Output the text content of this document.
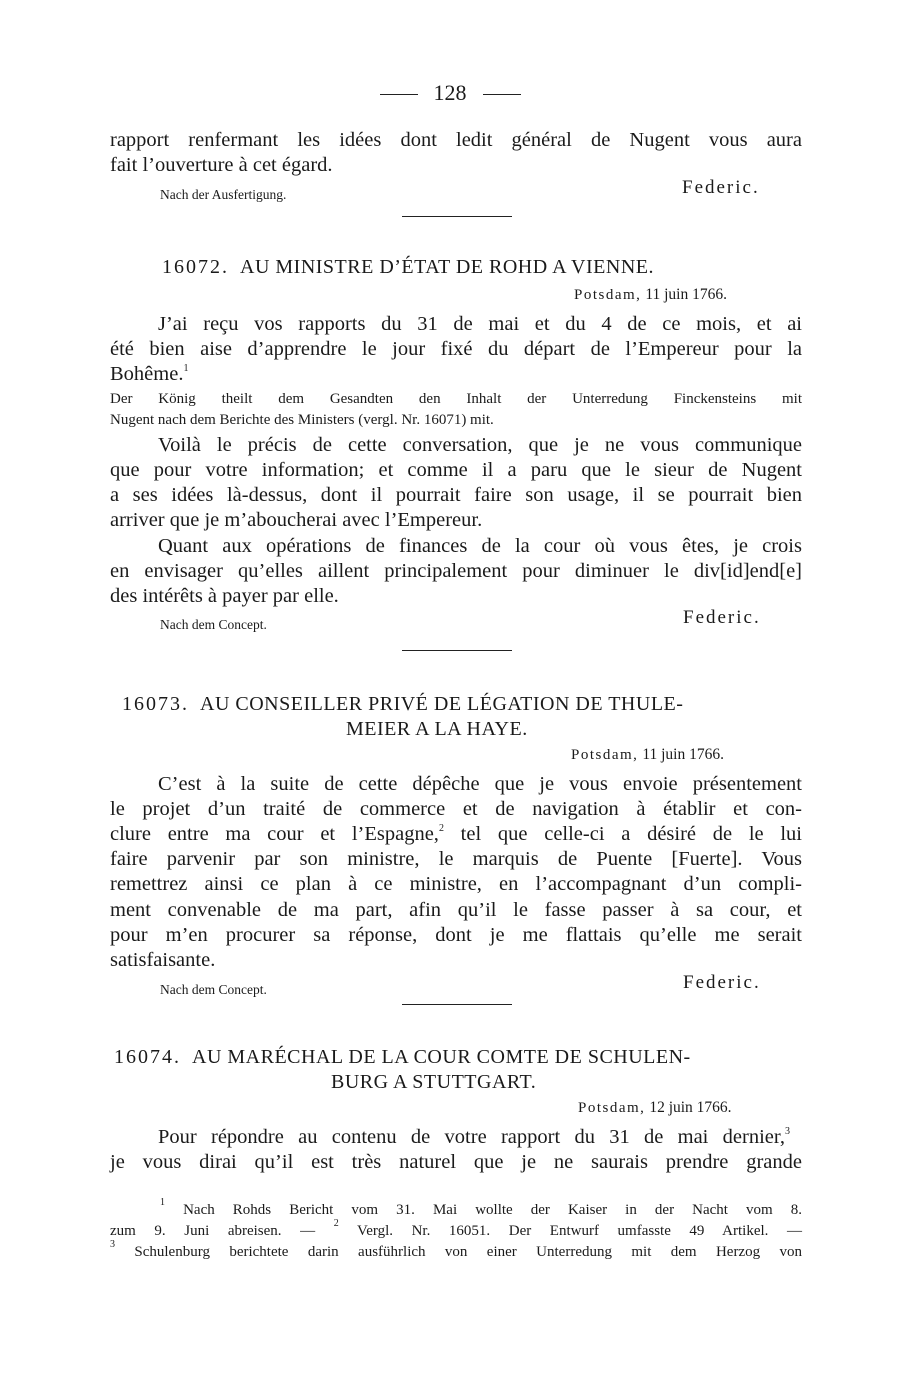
128
rapport renfermant les idées dont ledit général de Nugent vous aura
fait l’ouverture à cet égard.
Nach der Ausfertigung.	Federic.
16072. AU MINISTRE D’ÉTAT DE ROHD A VIENNE.
Potsdam, 11 juin 1766.
J’ai reçu vos rapports du 31 de mai et du 4 de ce mois, et ai
été bien aise d’apprendre le jour fixé du départ de l’Empereur pour la
Bohême.$^1$
Der König theilt dem Gesandten den Inhalt der Unterredung Finckensteins mit
Nugent nach dem Berichte des Ministers (vergl. Nr. 16071) mit.
Voilà le précis de cette conversation, que je ne vous communique
que pour votre information; et comme il a paru que le sieur de Nugent
a ses idées là-dessus, dont il pourrait faire son usage, il se pourrait bien
arriver que je m’aboucherai avec l’Empereur.
Quant aux opérations de finances de la cour où vous êtes, je crois
en envisager qu’elles aillent principalement pour diminuer le div[id]end[e]
des intérêts à payer par elle.
Nach dem Concept.	Federic.
16073. AU CONSEILLER PRIVÉ DE LÉGATION DE THULE-
MEIER A LA HAYE.
Potsdam, 11 juin 1766.
C’est à la suite de cette dépêche que je vous envoie présentement
le projet d’un traité de commerce et de navigation à établir et con-
clure entre ma cour et l’Espagne,$^2$ tel que celle-ci a désiré de le lui
faire parvenir par son ministre, le marquis de Puente [Fuerte]. Vous
remettrez ainsi ce plan à ce ministre, en l’accompagnant d’un compli-
ment convenable de ma part, afin qu’il le fasse passer à sa cour, et
pour m’en procurer sa réponse, dont je me flattais qu’elle me serait
satisfaisante.
Nach dem Concept.	Federic.
16074. AU MARÉCHAL DE LA COUR COMTE DE SCHULEN-
BURG A STUTTGART.
Potsdam, 12 juin 1766.
Pour répondre au contenu de votre rapport du 31 de mai dernier,$^3$
je vous dirai qu’il est très naturel que je ne saurais prendre grande
$^1$ Nach Rohds Bericht vom 31. Mai wollte der Kaiser in der Nacht vom 8.
zum 9. Juni abreisen. — $^2$ Vergl. Nr. 16051. Der Entwurf umfasste 49 Artikel. —
$^3$ Schulenburg berichtete darin ausführlich von einer Unterredung mit dem Herzog von
